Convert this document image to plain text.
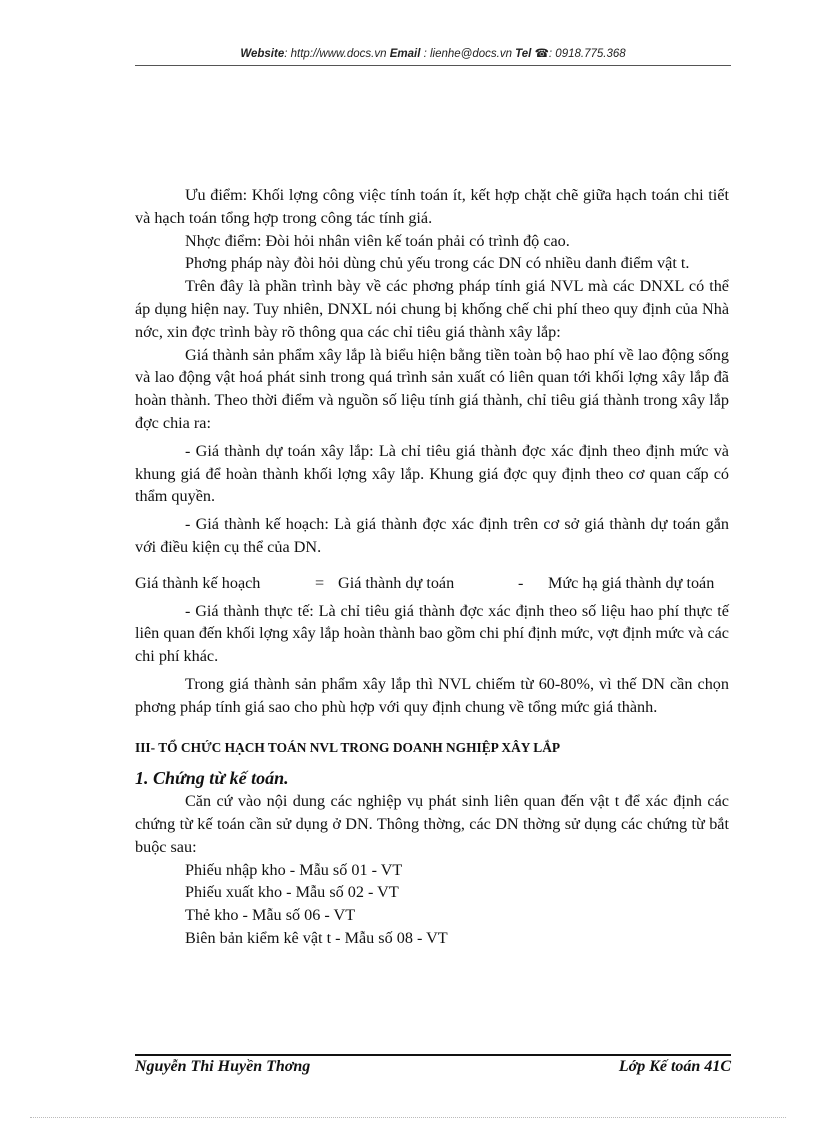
Website: http://www.docs.vn Email : lienhe@docs.vn Tel ☎: 0918.775.368

Ưu điểm: Khối lợng công việc tính toán ít, kết hợp chặt chẽ giữa hạch toán chi tiết và hạch toán tổng hợp trong công tác tính giá.

Nhợc điểm: Đòi hỏi nhân viên kế toán phải có trình độ cao.

Phơng pháp này đòi hỏi dùng chủ yếu trong các DN có nhiều danh điểm vật t.

Trên đây là phần trình bày về các phơng pháp tính giá NVL mà các DNXL có thể áp dụng hiện nay. Tuy nhiên, DNXL nói chung bị khống chế chi phí theo quy định của Nhà nớc, xin đợc trình bày rõ thông qua các chỉ tiêu giá thành xây lắp:

Giá thành sản phẩm xây lắp là biểu hiện bằng tiền toàn bộ hao phí về lao động sống và lao động vật hoá phát sinh trong quá trình sản xuất có liên quan tới khối lợng xây lắp đã hoàn thành. Theo thời điểm và nguồn số liệu tính giá thành, chỉ tiêu giá thành trong xây lắp đợc chia ra:

- Giá thành dự toán xây lắp: Là chỉ tiêu giá thành đợc xác định theo định mức và khung giá để hoàn thành khối lợng xây lắp. Khung giá đợc quy định theo cơ quan cấp có thẩm quyền.

- Giá thành kế hoạch: Là giá thành đợc xác định trên cơ sở giá thành dự toán gắn với điều kiện cụ thể của DN.

Giá thành kế hoạch	= Giá thành dự toán	-	Mức hạ giá thành dự toán

- Giá thành thực tế: Là chỉ tiêu giá thành đợc xác định theo số liệu hao phí thực tế liên quan đến khối lợng xây lắp hoàn thành bao gồm chi phí định mức, vợt định mức và các chi phí khác.

Trong giá thành sản phẩm xây lắp thì NVL chiếm từ 60-80%, vì thế DN cần chọn phơng pháp tính giá sao cho phù hợp với quy định chung về tổng mức giá thành.

III- TỔ CHỨC HẠCH TOÁN NVL TRONG DOANH NGHIỆP XÂY LẮP

1. Chứng từ kế toán.

Căn cứ vào nội dung các nghiệp vụ phát sinh liên quan đến vật t để xác định các chứng từ kế toán cần sử dụng ở DN. Thông thờng, các DN thờng sử dụng các chứng từ bắt buộc sau:

Phiếu nhập kho - Mẫu số 01 - VT
Phiếu xuất kho - Mẫu số 02 - VT
Thẻ kho - Mẫu số 06 - VT
Biên bản kiểm kê vật t - Mẫu số 08 - VT
Nguyễn Thi Huyền Thơng	Lớp Kế toán 41C
